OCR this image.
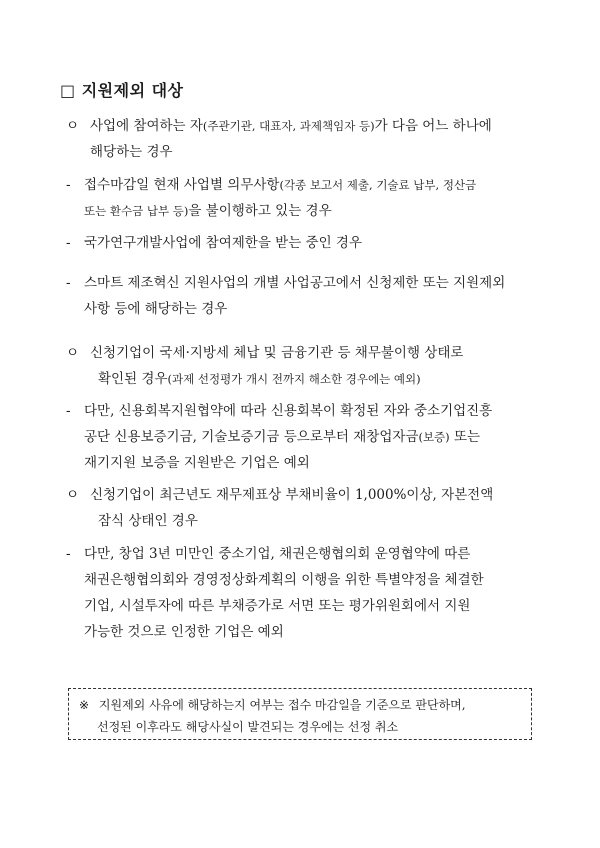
□ 지원제외 대상
ㅇ 사업에 참여하는 자(주관기관, 대표자, 과제책임자 등)가 다음 어느 하나에
해당하는 경우
- 접수마감일 현재 사업별 의무사항(각종 보고서 제출, 기술료 납부, 정산금
또는 환수금 납부 등)을 불이행하고 있는 경우
- 국가연구개발사업에 참여제한을 받는 중인 경우
- 스마트 제조혁신 지원사업의 개별 사업공고에서 신청제한 또는 지원제외
사항 등에 해당하는 경우
ㅇ 신청기업이 국세·지방세 체납 및 금융기관 등 채무불이행 상태로
확인된 경우(과제 선정평가 개시 전까지 해소한 경우에는 예외)
- 다만, 신용회복지원협약에 따라 신용회복이 확정된 자와 중소기업진흥
공단 신용보증기금, 기술보증기금 등으로부터 재창업자금(보증) 또는
재기지원 보증을 지원받은 기업은 예외
ㅇ 신청기업이 최근년도 재무제표상 부채비율이 1,000%이상, 자본전액
잠식 상태인 경우
- 다만, 창업 3년 미만인 중소기업, 채권은행협의회 운영협약에 따른
채권은행협의회와 경영정상화계획의 이행을 위한 특별약정을 체결한
기업, 시설투자에 따른 부채증가로 서면 또는 평가위원회에서 지원
가능한 것으로 인정한 기업은 예외
※ 지원제외 사유에 해당하는지 여부는 접수 마감일을 기준으로 판단하며,
선정된 이후라도 해당사실이 발견되는 경우에는 선정 취소
